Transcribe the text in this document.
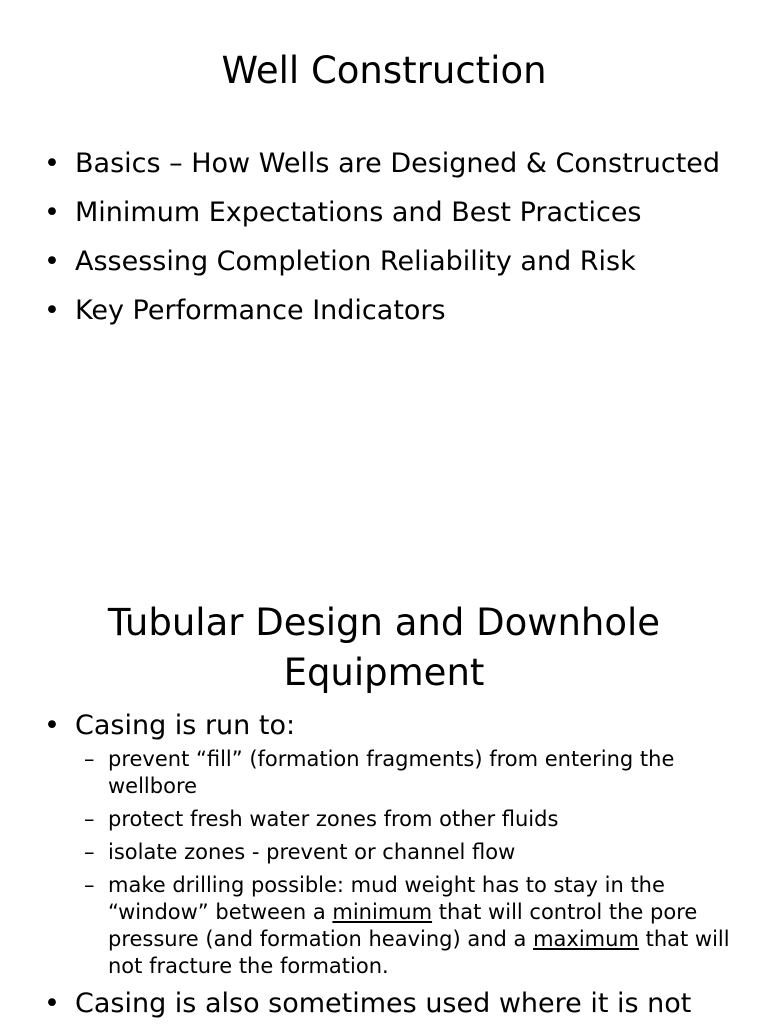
Well Construction
• Basics – How Wells are Designed & Constructed
• Minimum Expectations and Best Practices
• Assessing Completion Reliability and Risk
• Key Performance Indicators
Tubular Design and Downhole
Equipment
• Casing is run to:
– prevent “fill” (formation fragments) from entering the wellbore
– protect fresh water zones from other fluids
– isolate zones - prevent or channel flow
– make drilling possible: mud weight has to stay in the “window” between a minimum that will control the pore pressure (and formation heaving) and a maximum that will not fracture the formation.
• Casing is also sometimes used where it is not
